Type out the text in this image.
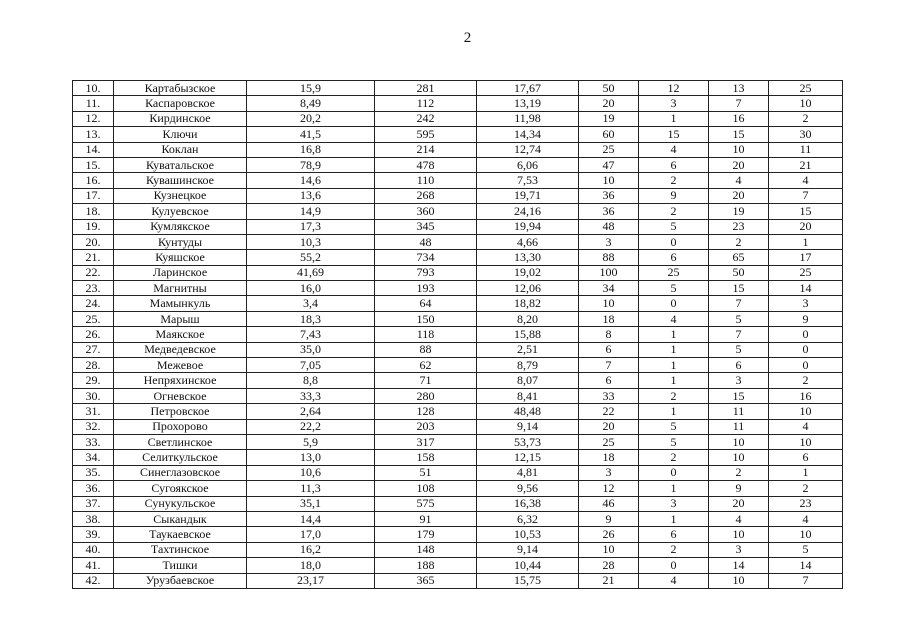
2
10.	Картабызское	15,9	281	17,67	50	12	13	25
11.	Каспаровское	8,49	112	13,19	20	3	7	10
12.	Кирдинское	20,2	242	11,98	19	1	16	2
13.	Ключи	41,5	595	14,34	60	15	15	30
14.	Коклан	16,8	214	12,74	25	4	10	11
15.	Куватальское	78,9	478	6,06	47	6	20	21
16.	Кувашинское	14,6	110	7,53	10	2	4	4
17.	Кузнецкое	13,6	268	19,71	36	9	20	7
18.	Кулуевское	14,9	360	24,16	36	2	19	15
19.	Кумлякское	17,3	345	19,94	48	5	23	20
20.	Кунтуды	10,3	48	4,66	3	0	2	1
21.	Куяшское	55,2	734	13,30	88	6	65	17
22.	Ларинское	41,69	793	19,02	100	25	50	25
23.	Магнитны	16,0	193	12,06	34	5	15	14
24.	Мамынкуль	3,4	64	18,82	10	0	7	3
25.	Марыш	18,3	150	8,20	18	4	5	9
26.	Маякское	7,43	118	15,88	8	1	7	0
27.	Медведевское	35,0	88	2,51	6	1	5	0
28.	Межевое	7,05	62	8,79	7	1	6	0
29.	Непряхинское	8,8	71	8,07	6	1	3	2
30.	Огневское	33,3	280	8,41	33	2	15	16
31.	Петровское	2,64	128	48,48	22	1	11	10
32.	Прохорово	22,2	203	9,14	20	5	11	4
33.	Светлинское	5,9	317	53,73	25	5	10	10
34.	Селиткульское	13,0	158	12,15	18	2	10	6
35.	Синеглазовское	10,6	51	4,81	3	0	2	1
36.	Сугоякское	11,3	108	9,56	12	1	9	2
37.	Сунукульское	35,1	575	16,38	46	3	20	23
38.	Сыкандык	14,4	91	6,32	9	1	4	4
39.	Таукаевское	17,0	179	10,53	26	6	10	10
40.	Тахтинское	16,2	148	9,14	10	2	3	5
41.	Тишки	18,0	188	10,44	28	0	14	14
42.	Урузбаевское	23,17	365	15,75	21	4	10	7
